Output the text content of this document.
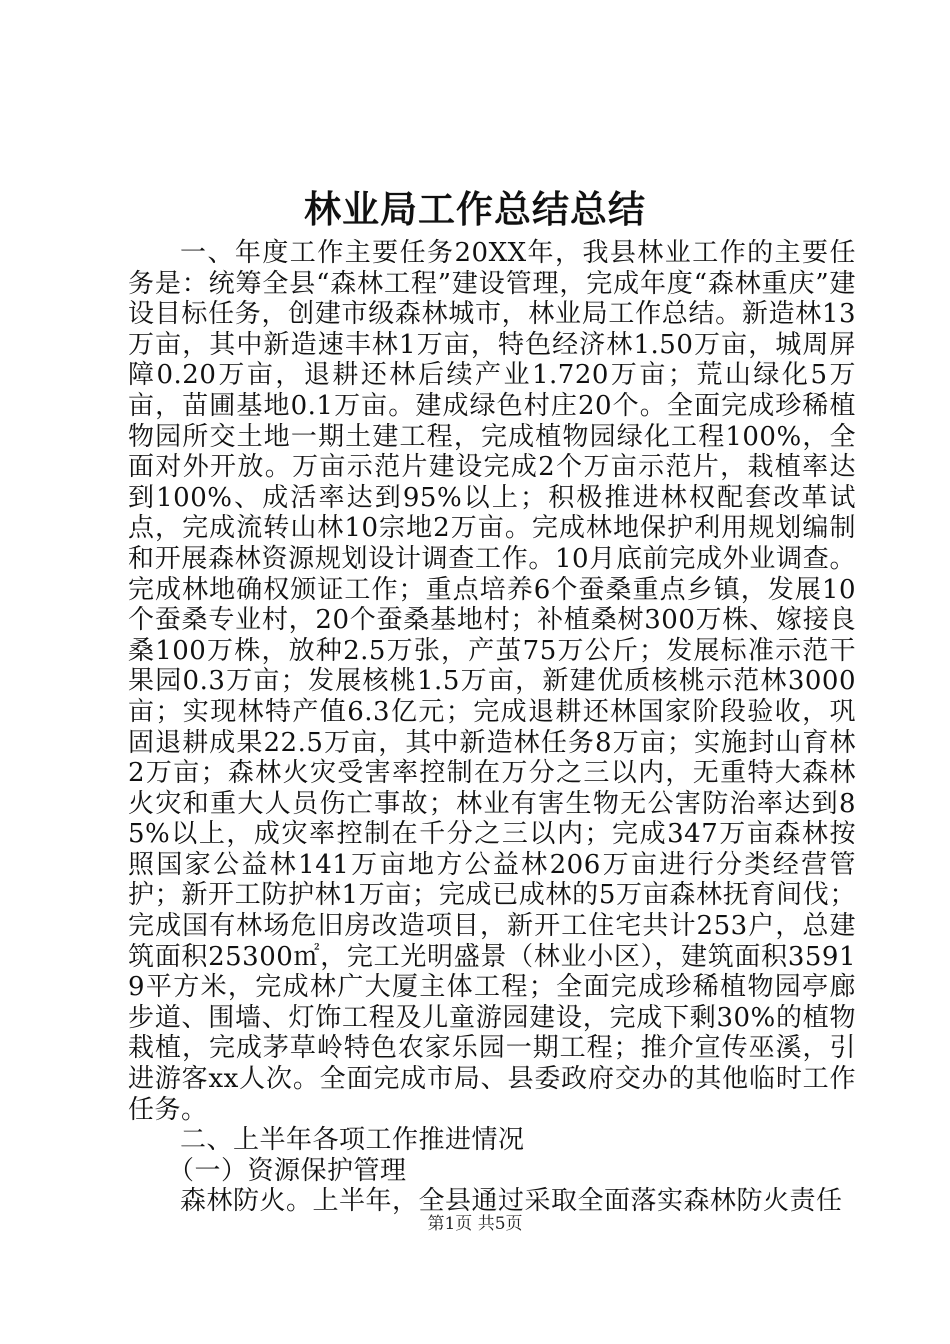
林业局工作总结总结

一、年度工作主要任务20XX年，我县林业工作的主要任务是：统筹全县“森林工程”建设管理，完成年度“森林重庆”建设目标任务，创建市级森林城市，林业局工作总结。新造林13万亩，其中新造速丰林1万亩，特色经济林1.50万亩，城周屏障0.20万亩，退耕还林后续产业1.720万亩；荒山绿化5万亩，苗圃基地0.1万亩。建成绿色村庄20个。全面完成珍稀植物园所交土地一期土建工程，完成植物园绿化工程100%，全面对外开放。万亩示范片建设完成2个万亩示范片，栽植率达到100%、成活率达到95%以上；积极推进林权配套改革试点，完成流转山林10宗地2万亩。完成林地保护利用规划编制和开展森林资源规划设计调查工作。10月底前完成外业调查。完成林地确权颁证工作；重点培养6个蚕桑重点乡镇，发展10个蚕桑专业村，20个蚕桑基地村；补植桑树300万株、嫁接良桑100万株，放种2.5万张，产茧75万公斤；发展标准示范干果园0.3万亩；发展核桃1.5万亩，新建优质核桃示范林3000亩；实现林特产值6.3亿元；完成退耕还林国家阶段验收，巩固退耕成果22.5万亩，其中新造林任务8万亩；实施封山育林2万亩；森林火灾受害率控制在万分之三以内，无重特大森林火灾和重大人员伤亡事故；林业有害生物无公害防治率达到85%以上，成灾率控制在千分之三以内；完成347万亩森林按照国家公益林141万亩地方公益林206万亩进行分类经营管护；新开工防护林1万亩；完成已成林的5万亩森林抚育间伐；完成国有林场危旧房改造项目，新开工住宅共计253户，总建筑面积25300㎡，完工光明盛景（林业小区），建筑面积35919平方米，完成林广大厦主体工程；全面完成珍稀植物园亭廊步道、围墙、灯饰工程及儿童游园建设，完成下剩30%的植物栽植，完成茅草岭特色农家乐园一期工程；推介宣传巫溪，引进游客xx人次。全面完成市局、县委政府交办的其他临时工作任务。

二、上半年各项工作推进情况

（一）资源保护管理

森林防火。上半年，全县通过采取全面落实森林防火责任

第1页 共5页
